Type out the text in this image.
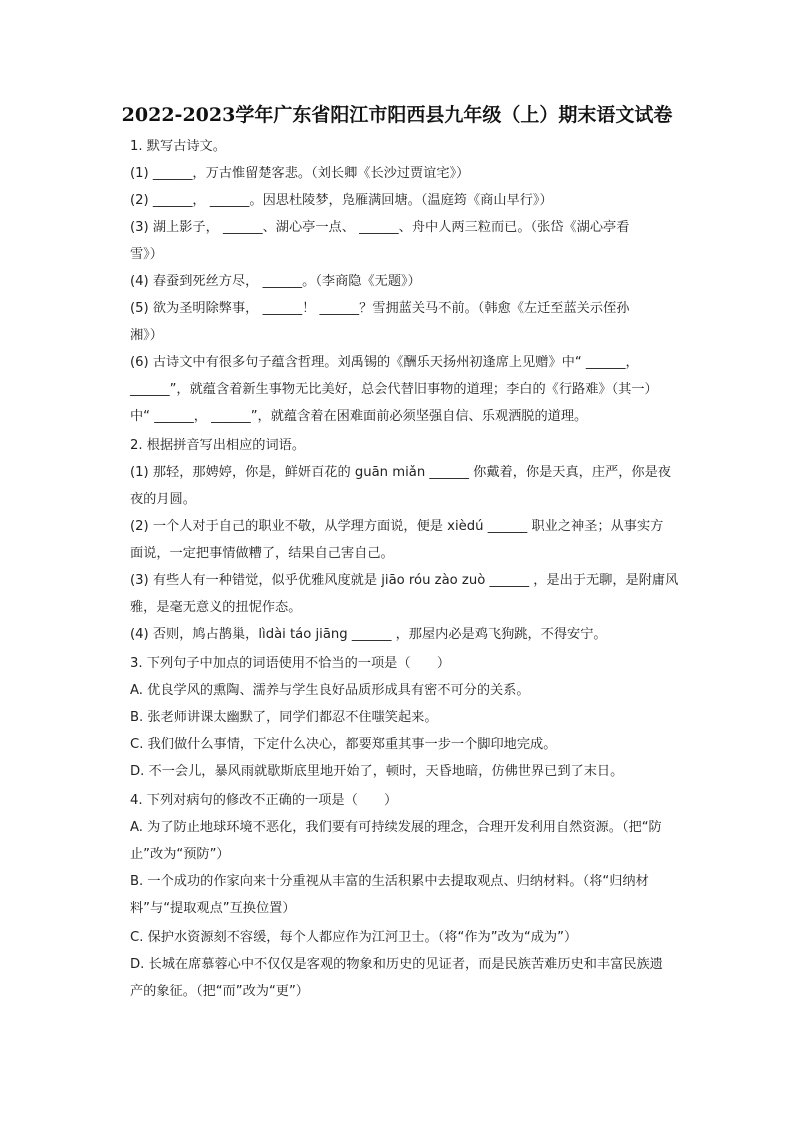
2022-2023学年广东省阳江市阳西县九年级（上）期末语文试卷
1. 默写古诗文。
(1) ______，万古惟留楚客悲。（刘长卿《长沙过贾谊宅》）
(2) ______， ______。因思杜陵梦，凫雁满回塘。（温庭筠《商山早行》）
(3) 湖上影子， ______、湖心亭一点、 ______、舟中人两三粒而已。（张岱《湖心亭看
雪》）
(4) 春蚕到死丝方尽， ______。（李商隐《无题》）
(5) 欲为圣明除弊事， ______！ ______？雪拥蓝关马不前。（韩愈《左迁至蓝关示侄孙
湘》）
(6) 古诗文中有很多句子蕴含哲理。刘禹锡的《酬乐天扬州初逢席上见赠》中“ ______，
______”，就蕴含着新生事物无比美好，总会代替旧事物的道理；李白的《行路难》（其一）
中“ ______， ______”，就蕴含着在困难面前必须坚强自信、乐观洒脱的道理。
2. 根据拼音写出相应的词语。
(1) 那轻，那娉婷，你是，鲜妍百花的 guān miǎn ______ 你戴着，你是天真，庄严，你是夜
夜的月圆。
(2) 一个人对于自己的职业不敬，从学理方面说，便是 xièdú ______ 职业之神圣；从事实方
面说，一定把事情做糟了，结果自己害自己。
(3) 有些人有一种错觉，似乎优雅风度就是 jiāo róu zào zuò ______ ，是出于无聊，是附庸风
雅，是毫无意义的扭怩作态。
(4) 否则，鸠占鹊巢，lìdài táo jiāng ______ ，那屋内必是鸡飞狗跳，不得安宁。
3. 下列句子中加点的词语使用不恰当的一项是（　　）
A. 优良学风的熏陶、濡养与学生良好品质形成具有密不可分的关系。
B. 张老师讲课太幽默了，同学们都忍不住嗤笑起来。
C. 我们做什么事情，下定什么决心，都要郑重其事一步一个脚印地完成。
D. 不一会儿，暴风雨就歇斯底里地开始了，顿时，天昏地暗，仿佛世界已到了末日。
4. 下列对病句的修改不正确的一项是（　　）
A. 为了防止地球环境不恶化，我们要有可持续发展的理念，合理开发利用自然资源。（把“防
止”改为“预防”）
B. 一个成功的作家向来十分重视从丰富的生活积累中去提取观点、归纳材料。（将“归纳材
料”与“提取观点”互换位置）
C. 保护水资源刻不容缓，每个人都应作为江河卫士。（将“作为”改为“成为”）
D. 长城在席慕蓉心中不仅仅是客观的物象和历史的见证者，而是民族苦难历史和丰富民族遗
产的象征。（把“而”改为“更”）
